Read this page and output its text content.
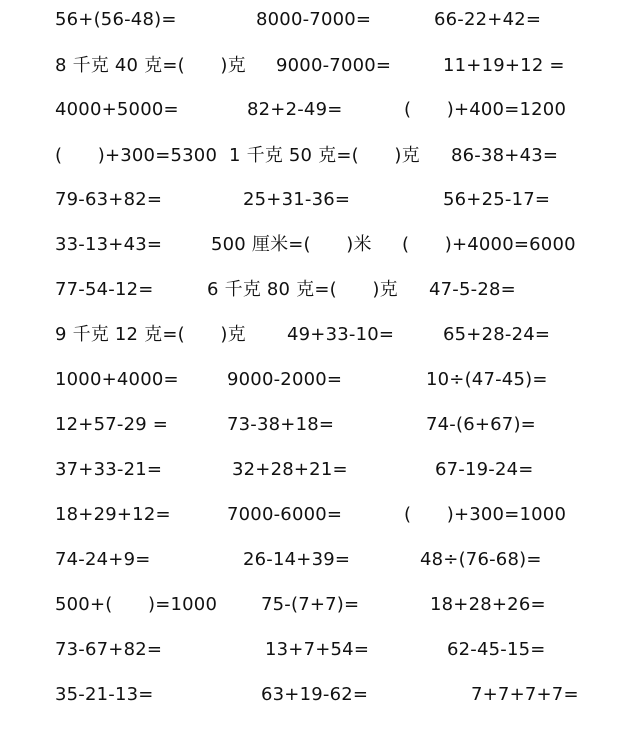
56+(56-48)=	8000-7000=	66-22+42=
8 千克 40 克=(      )克 9000-7000=	11+19+12 =
4000+5000=	82+2-49=	(      )+400=1200
(      )+300=5300 1 千克 50 克=(      )克 86-38+43=
79-63+82=	25+31-36=	56+25-17=
33-13+43=	500 厘米=(      )米 (      )+4000=6000
77-54-12=	6 千克 80 克=(      )克 47-5-28=
9 千克 12 克=(      )克 49+33-10=	65+28-24=
1000+4000=	9000-2000=	10÷(47-45)=
12+57-29 =	73-38+18=	74-(6+67)=
37+33-21=	32+28+21=	67-19-24=
18+29+12=	7000-6000=	(      )+300=1000
74-24+9=	26-14+39=	48÷(76-68)=
500+(      )=1000 75-(7+7)=	18+28+26=
73-67+82=	13+7+54=	62-45-15=
35-21-13=	63+19-62=	7+7+7+7=
